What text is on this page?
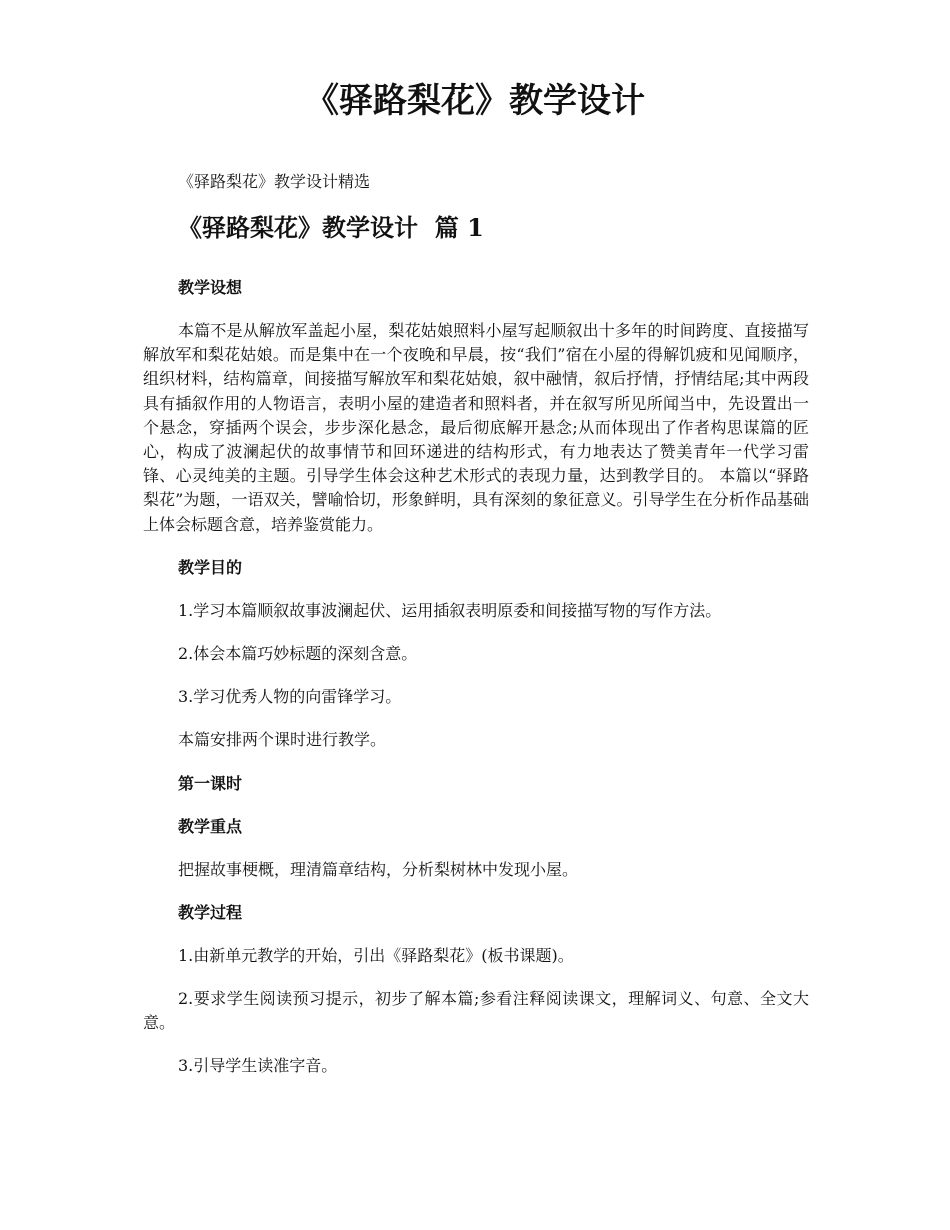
《驿路梨花》教学设计

《驿路梨花》教学设计精选

《驿路梨花》教学设计  篇 1

教学设想

本篇不是从解放军盖起小屋，梨花姑娘照料小屋写起顺叙出十多年的时间跨度、直接描写解放军和梨花姑娘。而是集中在一个夜晚和早晨，按“我们”宿在小屋的得解饥疲和见闻顺序，组织材料，结构篇章，间接描写解放军和梨花姑娘，叙中融情，叙后抒情，抒情结尾;其中两段具有插叙作用的人物语言，表明小屋的建造者和照料者，并在叙写所见所闻当中，先设置出一个悬念，穿插两个误会，步步深化悬念，最后彻底解开悬念;从而体现出了作者构思谋篇的匠心，构成了波澜起伏的故事情节和回环递进的结构形式，有力地表达了赞美青年一代学习雷锋、心灵纯美的主题。引导学生体会这种艺术形式的表现力量，达到教学目的。 本篇以“驿路梨花”为题，一语双关，譬喻恰切，形象鲜明，具有深刻的象征意义。引导学生在分析作品基础上体会标题含意，培养鉴赏能力。

教学目的

1.学习本篇顺叙故事波澜起伏、运用插叙表明原委和间接描写物的写作方法。

2.体会本篇巧妙标题的深刻含意。

3.学习优秀人物的向雷锋学习。

本篇安排两个课时进行教学。

第一课时

教学重点

把握故事梗概，理清篇章结构，分析梨树林中发现小屋。

教学过程

1.由新单元教学的开始，引出《驿路梨花》(板书课题)。

2.要求学生阅读预习提示，初步了解本篇;参看注释阅读课文，理解词义、句意、全文大意。

3.引导学生读准字音。
